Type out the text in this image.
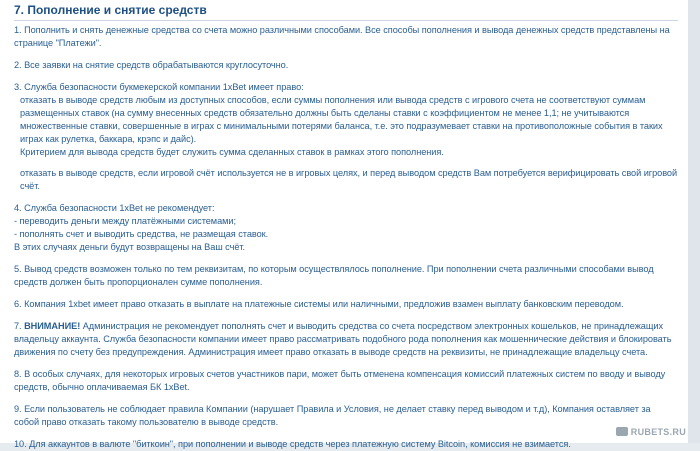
7. Пополнение и снятие средств

1. Пополнить и снять денежные средства со счета можно различными способами. Все способы пополнения и вывода денежных средств представлены на странице "Платежи".

2. Все заявки на снятие средств обрабатываются круглосуточно.

3. Служба безопасности букмекерской компании 1xBet имеет право:
отказать в выводе средств любым из доступных способов, если суммы пополнения или вывода средств с игрового счета не соответствуют суммам размещенных ставок (на сумму внесенных средств обязательно должны быть сделаны ставки с коэффициентом не менее 1,1; не учитываются множественные ставки, совершенные в играх с минимальными потерями баланса, т.е. это подразумевает ставки на противоположные события в таких играх как рулетка, баккара, крэпс и дайс).
Критерием для вывода средств будет служить сумма сделанных ставок в рамках этого пополнения.

отказать в выводе средств, если игровой счёт используется не в игровых целях, и перед выводом средств Вам потребуется верифицировать свой игровой счёт.

4. Служба безопасности 1xBet не рекомендует:
- переводить деньги между платёжными системами;
- пополнять счет и выводить средства, не размещая ставок.
В этих случаях деньги будут возвращены на Ваш счёт.

5. Вывод средств возможен только по тем реквизитам, по которым осуществлялось пополнение. При пополнении счета различными способами вывод средств должен быть пропорционален сумме пополнения.

6. Компания 1xbet имеет право отказать в выплате на платежные системы или наличными, предложив взамен выплату банковским переводом.

7. ВНИМАНИЕ! Администрация не рекомендует пополнять счет и выводить средства со счета посредством электронных кошельков, не принадлежащих владельцу аккаунта. Служба безопасности компании имеет право рассматривать подобного рода пополнения как мошеннические действия и блокировать движения по счету без предупреждения. Администрация имеет право отказать в выводе средств на реквизиты, не принадлежащие владельцу счета.

8. В особых случаях, для некоторых игровых счетов участников пари, может быть отменена компенсация комиссий платежных систем по вводу и выводу средств, обычно оплачиваемая БК 1xBet.

9. Если пользователь не соблюдает правила Компании (нарушает Правила и Условия, не делает ставку перед выводом и т.д), Компания оставляет за собой право отказать такому пользователю в выводе средств.

10. Для аккаунтов в валюте "биткоин", при пополнении и выводе средств через платежную систему Bitcoin, комиссия не взимается.	RUBETS.RU
